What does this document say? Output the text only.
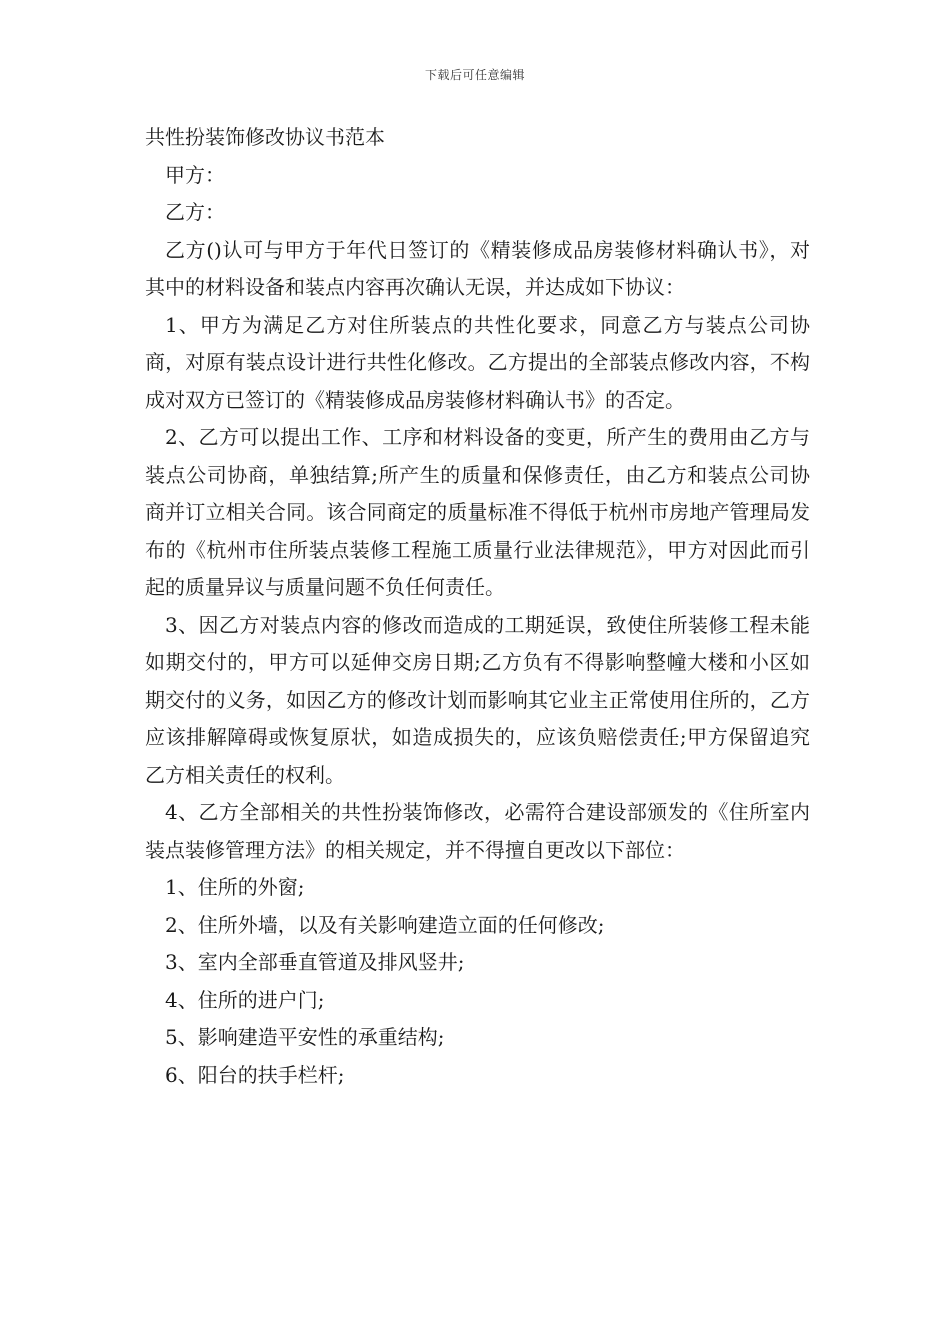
下载后可任意编辑
共性扮装饰修改协议书范本

甲方：

乙方：

乙方()认可与甲方于年代日签订的《精装修成品房装修材料确认书》，对其中的材料设备和装点内容再次确认无误，并达成如下协议：

1、甲方为满足乙方对住所装点的共性化要求，同意乙方与装点公司协商，对原有装点设计进行共性化修改。乙方提出的全部装点修改内容，不构成对双方已签订的《精装修成品房装修材料确认书》的否定。

2、乙方可以提出工作、工序和材料设备的变更，所产生的费用由乙方与装点公司协商，单独结算;所产生的质量和保修责任，由乙方和装点公司协商并订立相关合同。该合同商定的质量标准不得低于杭州市房地产管理局发布的《杭州市住所装点装修工程施工质量行业法律规范》，甲方对因此而引起的质量异议与质量问题不负任何责任。

3、因乙方对装点内容的修改而造成的工期延误，致使住所装修工程未能如期交付的，甲方可以延伸交房日期;乙方负有不得影响整幢大楼和小区如期交付的义务，如因乙方的修改计划而影响其它业主正常使用住所的，乙方应该排解障碍或恢复原状，如造成损失的，应该负赔偿责任;甲方保留追究乙方相关责任的权利。

4、乙方全部相关的共性扮装饰修改，必需符合建设部颁发的《住所室内装点装修管理方法》的相关规定，并不得擅自更改以下部位：

1、住所的外窗;

2、住所外墙，以及有关影响建造立面的任何修改;

3、室内全部垂直管道及排风竖井;

4、住所的进户门;

5、影响建造平安性的承重结构;

6、阳台的扶手栏杆;
